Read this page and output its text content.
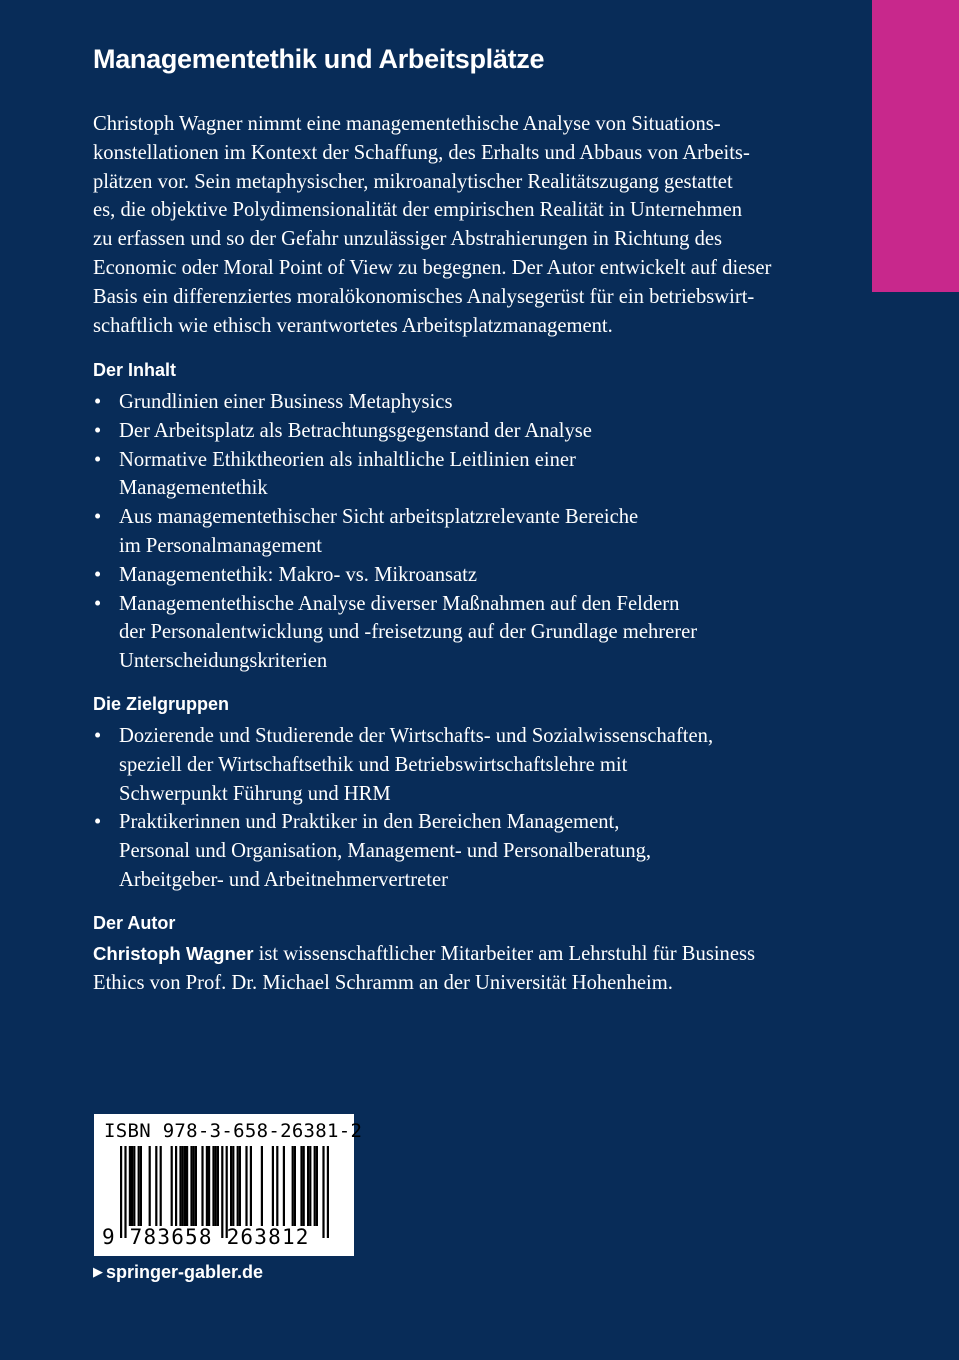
Managementethik und Arbeitsplätze
Christoph Wagner nimmt eine managementethische Analyse von Situations-
konstellationen im Kontext der Schaffung, des Erhalts und Abbaus von Arbeits-
plätzen vor. Sein metaphysischer, mikroanalytischer Realitätszugang gestattet
es, die objektive Polydimensionalität der empirischen Realität in Unternehmen
zu erfassen und so der Gefahr unzulässiger Abstrahierungen in Richtung des
Economic oder Moral Point of View zu begegnen. Der Autor entwickelt auf dieser
Basis ein differenziertes moralökonomisches Analysegerüst für ein betriebswirt-
schaftlich wie ethisch verantwortetes Arbeitsplatzmanagement.
Der Inhalt
• Grundlinien einer Business Metaphysics
• Der Arbeitsplatz als Betrachtungsgegenstand der Analyse
• Normative Ethiktheorien als inhaltliche Leitlinien einer
Managementethik
• Aus managementethischer Sicht arbeitsplatzrelevante Bereiche
im Personalmanagement
• Managementethik: Makro- vs. Mikroansatz
• Managementethische Analyse diverser Maßnahmen auf den Feldern
der Personalentwicklung und -freisetzung auf der Grundlage mehrerer
Unterscheidungskriterien
Die Zielgruppen
• Dozierende und Studierende der Wirtschafts- und Sozialwissenschaften,
speziell der Wirtschaftsethik und Betriebswirtschaftslehre mit
Schwerpunkt Führung und HRM
• Praktikerinnen und Praktiker in den Bereichen Management,
Personal und Organisation, Management- und Personalberatung,
Arbeitgeber- und Arbeitnehmervertreter
Der Autor
Christoph Wagner ist wissenschaftlicher Mitarbeiter am Lehrstuhl für Business
Ethics von Prof. Dr. Michael Schramm an der Universität Hohenheim.

ISBN 978-3-658-26381-2

9 783658 263812

▶ springer-gabler.de
